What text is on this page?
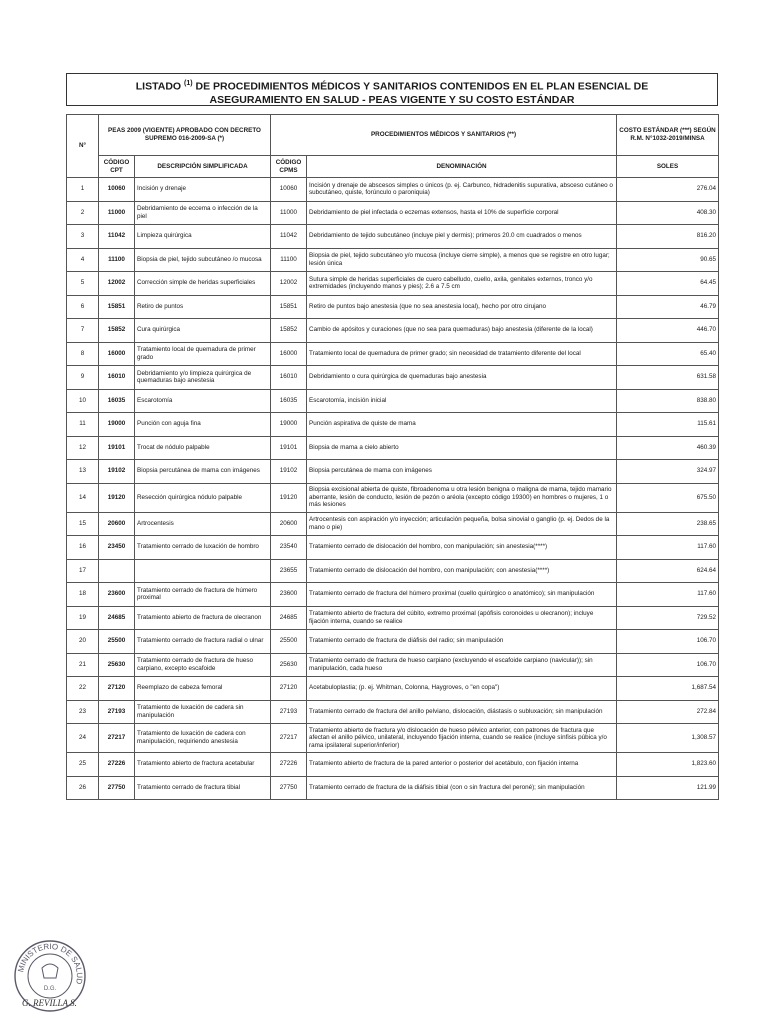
LISTADO $^{(1)}$ DE PROCEDIMIENTOS MÉDICOS Y SANITARIOS CONTENIDOS EN EL PLAN ESENCIAL DE
ASEGURAMIENTO EN SALUD - PEAS VIGENTE Y SU COSTO ESTÁNDAR
N°	PEAS 2009 (VIGENTE) APROBADO CON DECRETO SUPREMO 016-2009-SA (*)		PROCEDIMIENTOS MÉDICOS Y SANITARIOS (**)		COSTO ESTÁNDAR (***) SEGÚN R.M. N°1032-2019/MINSA
	CÓDIGO CPT	DESCRIPCIÓN SIMPLIFICADA	CÓDIGO CPMS	DENOMINACIÓN	SOLES
1	10060	Incisión y drenaje	10060	Incisión y drenaje de abscesos simples o únicos (p. ej. Carbunco, hidradenitis supurativa, absceso cutáneo o subcutáneo, quiste, forúnculo o paroniquia)	276.04
2	11000	Debridamiento de eccema o infección de la piel	11000	Debridamiento de piel infectada o eczemas extensos, hasta el 10% de superficie corporal	408.30
3	11042	Limpieza quirúrgica	11042	Debridamiento de tejido subcutáneo (incluye piel y dermis); primeros 20.0 cm cuadrados o menos	816.20
4	11100	Biopsia de piel, tejido subcutáneo /o mucosa	11100	Biopsia de piel, tejido subcutáneo y/o mucosa (incluye cierre simple), a menos que se registre en otro lugar; lesión única	90.65
5	12002	Corrección simple de heridas superficiales	12002	Sutura simple de heridas superficiales de cuero cabelludo, cuello, axila, genitales externos, tronco y/o extremidades (incluyendo manos y pies); 2.6 a 7.5 cm	64.45
6	15851	Retiro de puntos	15851	Retiro de puntos bajo anestesia (que no sea anestesia local), hecho por otro cirujano	46.79
7	15852	Cura quirúrgica	15852	Cambio de apósitos y curaciones (que no sea para quemaduras) bajo anestesia (diferente de la local)	446.70
8	16000	Tratamiento local de quemadura de primer grado	16000	Tratamiento local de quemadura de primer grado; sin necesidad de tratamiento diferente del local	65.40
9	16010	Debridamiento y/o limpieza quirúrgica de quemaduras bajo anestesia	16010	Debridamiento o cura quirúrgica de quemaduras bajo anestesia	631.58
10	16035	Escarotomía	16035	Escarotomía, incisión inicial	838.80
11	19000	Punción con aguja fina	19000	Punción aspirativa de quiste de mama	115.61
12	19101	Trocat de nódulo palpable	19101	Biopsia de mama a cielo abierto	460.39
13	19102	Biopsia percutánea de mama con imágenes	19102	Biopsia percutánea de mama con imágenes	324.97
14	19120	Resección quirúrgica nódulo palpable	19120	Biopsia excisional abierta de quiste, fibroadenoma u otra lesión benigna o maligna de mama, tejido mamario aberrante, lesión de conducto, lesión de pezón o aréola (excepto código 19300) en hombres o mujeres, 1 o más lesiones	675.50
15	20600	Artrocentesis	20600	Artrocentesis con aspiración y/o inyección; articulación pequeña, bolsa sinovial o ganglio (p. ej. Dedos de la mano o pie)	238.65
16	23450	Tratamiento cerrado de luxación de hombro	23540	Tratamiento cerrado de dislocación del hombro, con manipulación; sin anestesia(****)	117.60
17			23655	Tratamiento cerrado de dislocación del hombro, con manipulación; con anestesia(****)	624.64
18	23600	Tratamiento cerrado de fractura de húmero proximal	23600	Tratamiento cerrado de fractura del húmero proximal (cuello quirúrgico o anatómico); sin manipulación	117.60
19	24685	Tratamiento abierto de fractura de olecranon	24685	Tratamiento abierto de fractura del cúbito, extremo proximal (apófisis coronoides u olecranon); incluye fijación interna, cuando se realice	729.52
20	25500	Tratamiento cerrado de fractura radial o ulnar	25500	Tratamiento cerrado de fractura de diáfisis del radio; sin manipulación	106.70
21	25630	Tratamiento cerrado de fractura de hueso carpiano, excepto escafoide	25630	Tratamiento cerrado de fractura de hueso carpiano (excluyendo el escafoide carpiano (navicular)); sin manipulación, cada hueso	106.70
22	27120	Reemplazo de cabeza femoral	27120	Acetabuloplastia; (p. ej. Whitman, Colonna, Haygroves, o "en copa")	1,687.54
23	27193	Tratamiento de luxación de cadera sin manipulación	27193	Tratamiento cerrado de fractura del anillo pelviano, dislocación, diástasis o subluxación; sin manipulación	272.84
24	27217	Tratamiento de luxación de cadera con manipulación, requiriendo anestesia	27217	Tratamiento abierto de fractura y/o dislocación de hueso pélvico anterior, con patrones de fractura que afectan el anillo pélvico, unilateral, incluyendo fijación interna, cuando se realice (incluye sínfisis púbica y/o rama ipsilateral superior/inferior)	1,308.57
25	27226	Tratamiento abierto de fractura acetabular	27226	Tratamiento abierto de fractura de la pared anterior o posterior del acetábulo, con fijación interna	1,823.60
26	27750	Tratamiento cerrado de fractura tibial	27750	Tratamiento cerrado de fractura de la diáfisis tibial (con o sin fractura del peroné); sin manipulación	121.99
MINISTERIO DE SALUD
D.G.
G. REVILLA S.
